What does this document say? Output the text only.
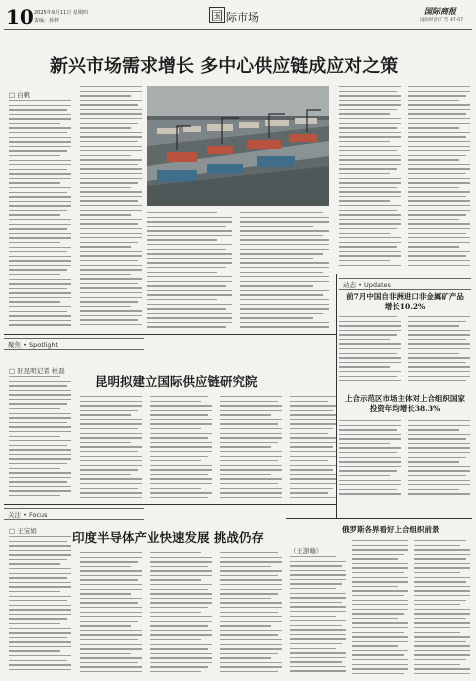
10 2025年9月11日 星期四
责编：孙梓	国 际市场	国际商报
国际经济/广告 47-07
新兴市场需求增长 多中心供应链成应对之策
□ 白帆
聚焦 • Spotlight
□ 驻昆明记者 杜磊
昆明拟建立国际供应链研究院
动态 • Updates
前7月中国自非洲进口非金属矿产品增长10.2%
上合示范区市场主体对上合组织国家投资年均增长38.3%
关注 • Focus
□ 王宝娟	印度半导体产业快速发展 挑战仍存
俄罗斯各界看好上合组织前景
（王澍喻）
